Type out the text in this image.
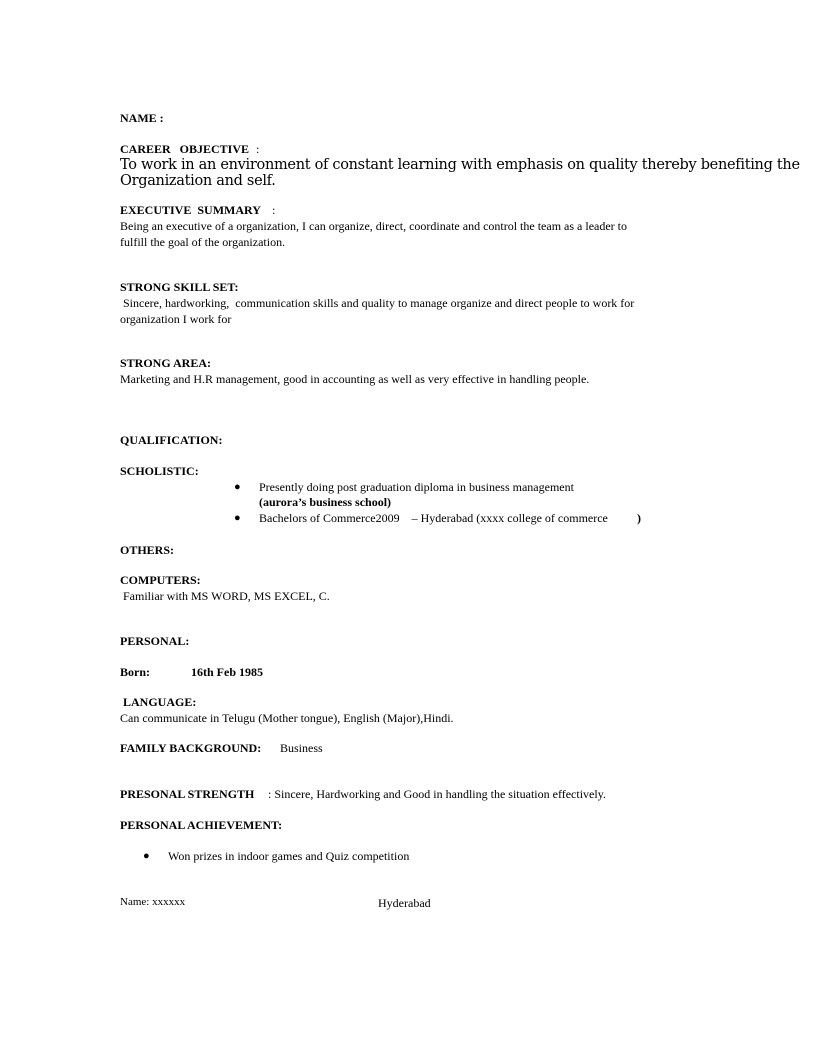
NAME :
CAREER   OBJECTIVE :
To work in an environment of constant learning with emphasis on quality thereby benefiting the
Organization and self.
EXECUTIVE  SUMMARY :
Being an executive of a organization, I can organize, direct, coordinate and control the team as a leader to
fulfill the goal of the organization.
STRONG SKILL SET:
Sincere, hardworking,  communication skills and quality to manage organize and direct people to work for
organization I work for
STRONG AREA:
Marketing and H.R management, good in accounting as well as very effective in handling people.
QUALIFICATION:
SCHOLISTIC:
● Presently doing post graduation diploma in business management
(aurora’s business school)
● Bachelors of Commerce2009    – Hyderabad (xxxx college of commerce )
OTHERS:
COMPUTERS:
Familiar with MS WORD, MS EXCEL, C.
PERSONAL:
Born:	16th Feb 1985
LANGUAGE:
Can communicate in Telugu (Mother tongue), English (Major),Hindi.
FAMILY BACKGROUND: Business
PRESONAL STRENGTH : Sincere, Hardworking and Good in handling the situation effectively.
PERSONAL ACHIEVEMENT:
● Won prizes in indoor games and Quiz competition
Name: xxxxxx	Hyderabad
